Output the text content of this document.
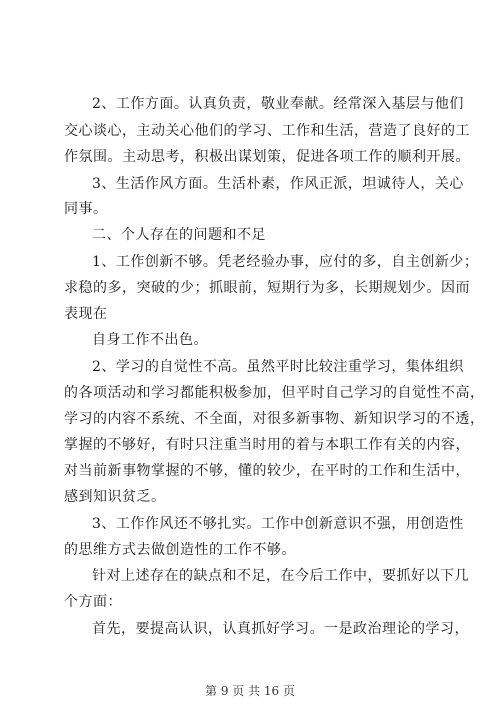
2、工作方面。认真负责，敬业奉献。经常深入基层与他们
交心谈心，主动关心他们的学习、工作和生活，营造了良好的工
作氛围。主动思考，积极出谋划策，促进各项工作的顺利开展。
3、生活作风方面。生活朴素，作风正派，坦诚待人，关心
同事。
二、个人存在的问题和不足
1、工作创新不够。凭老经验办事，应付的多，自主创新少；
求稳的多，突破的少；抓眼前，短期行为多，长期规划少。因而
表现在
自身工作不出色。
2、学习的自觉性不高。虽然平时比较注重学习，集体组织
的各项活动和学习都能积极参加，但平时自己学习的自觉性不高，
学习的内容不系统、不全面，对很多新事物、新知识学习的不透，
掌握的不够好，有时只注重当时用的着与本职工作有关的内容，
对当前新事物掌握的不够，懂的较少，在平时的工作和生活中，
感到知识贫乏。
3、工作作风还不够扎实。工作中创新意识不强，用创造性
的思维方式去做创造性的工作不够。
针对上述存在的缺点和不足，在今后工作中，要抓好以下几
个方面：
首先，要提高认识，认真抓好学习。一是政治理论的学习，
第 9 页 共 16 页
